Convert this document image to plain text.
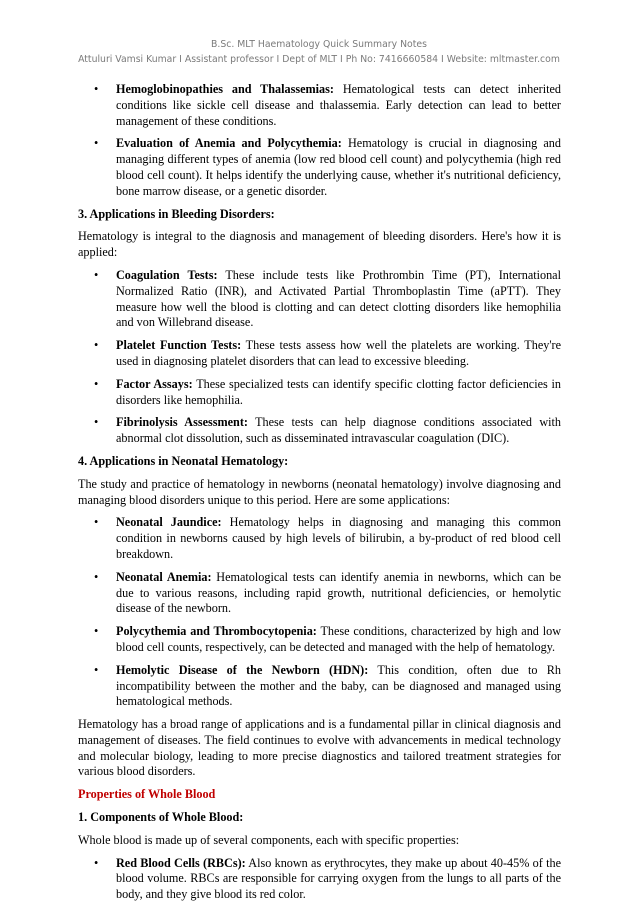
B.Sc. MLT Haematology Quick Summary Notes
Attuluri Vamsi Kumar I Assistant professor I Dept of MLT I Ph No: 7416660584 I Website: mltmaster.com
• Hemoglobinopathies and Thalassemias: Hematological tests can detect inherited conditions like sickle cell disease and thalassemia. Early detection can lead to better management of these conditions.
• Evaluation of Anemia and Polycythemia: Hematology is crucial in diagnosing and managing different types of anemia (low red blood cell count) and polycythemia (high red blood cell count). It helps identify the underlying cause, whether it's nutritional deficiency, bone marrow disease, or a genetic disorder.
3. Applications in Bleeding Disorders:

Hematology is integral to the diagnosis and management of bleeding disorders. Here's how it is applied:

• Coagulation Tests: These include tests like Prothrombin Time (PT), International Normalized Ratio (INR), and Activated Partial Thromboplastin Time (aPTT). They measure how well the blood is clotting and can detect clotting disorders like hemophilia and von Willebrand disease.
• Platelet Function Tests: These tests assess how well the platelets are working. They're used in diagnosing platelet disorders that can lead to excessive bleeding.
• Factor Assays: These specialized tests can identify specific clotting factor deficiencies in disorders like hemophilia.
• Fibrinolysis Assessment: These tests can help diagnose conditions associated with abnormal clot dissolution, such as disseminated intravascular coagulation (DIC).
4. Applications in Neonatal Hematology:

The study and practice of hematology in newborns (neonatal hematology) involve diagnosing and managing blood disorders unique to this period. Here are some applications:

• Neonatal Jaundice: Hematology helps in diagnosing and managing this common condition in newborns caused by high levels of bilirubin, a by-product of red blood cell breakdown.
• Neonatal Anemia: Hematological tests can identify anemia in newborns, which can be due to various reasons, including rapid growth, nutritional deficiencies, or hemolytic disease of the newborn.
• Polycythemia and Thrombocytopenia: These conditions, characterized by high and low blood cell counts, respectively, can be detected and managed with the help of hematology.
• Hemolytic Disease of the Newborn (HDN): This condition, often due to Rh incompatibility between the mother and the baby, can be diagnosed and managed using hematological methods.

Hematology has a broad range of applications and is a fundamental pillar in clinical diagnosis and management of diseases. The field continues to evolve with advancements in medical technology and molecular biology, leading to more precise diagnostics and tailored treatment strategies for various blood disorders.

Properties of Whole Blood
1. Components of Whole Blood:

Whole blood is made up of several components, each with specific properties:

• Red Blood Cells (RBCs): Also known as erythrocytes, they make up about 40-45% of the blood volume. RBCs are responsible for carrying oxygen from the lungs to all parts of the body, and they give blood its red color.
